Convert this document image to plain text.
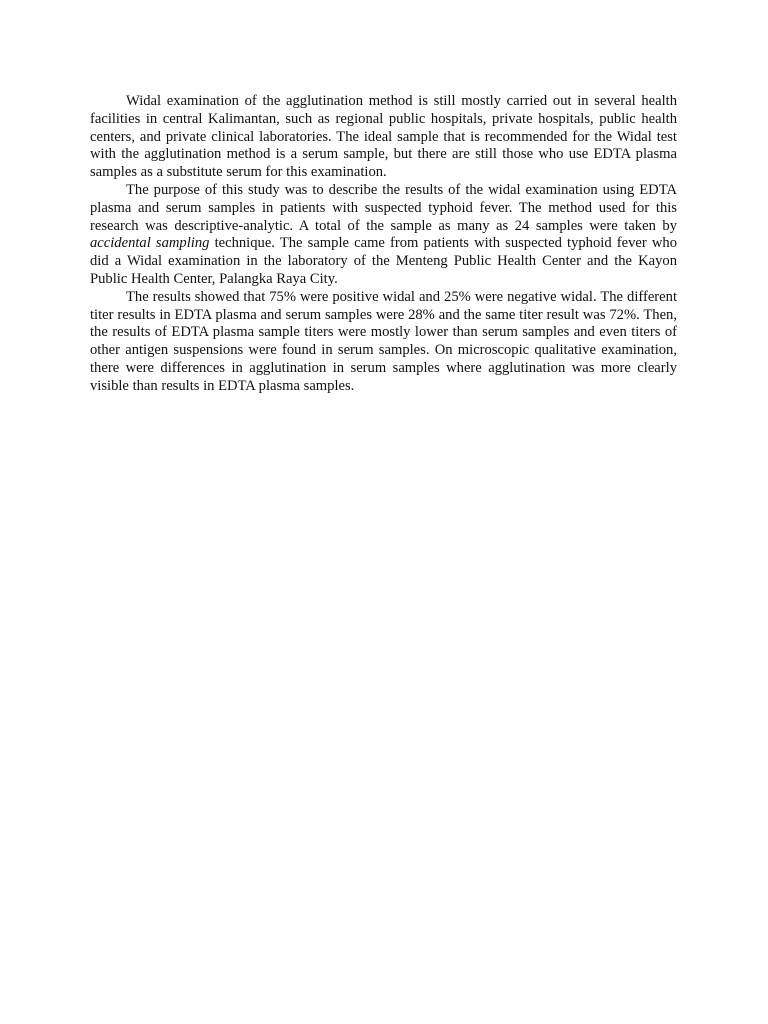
Widal examination of the agglutination method is still mostly carried out in several health facilities in central Kalimantan, such as regional public hospitals, private hospitals, public health centers, and private clinical laboratories. The ideal sample that is recommended for the Widal test with the agglutination method is a serum sample, but there are still those who use EDTA plasma samples as a substitute serum for this examination.

The purpose of this study was to describe the results of the widal examination using EDTA plasma and serum samples in patients with suspected typhoid fever. The method used for this research was descriptive-analytic. A total of the sample as many as 24 samples were taken by accidental sampling technique. The sample came from patients with suspected typhoid fever who did a Widal examination in the laboratory of the Menteng Public Health Center and the Kayon Public Health Center, Palangka Raya City.

The results showed that 75% were positive widal and 25% were negative widal. The different titer results in EDTA plasma and serum samples were 28% and the same titer result was 72%. Then, the results of EDTA plasma sample titers were mostly lower than serum samples and even titers of other antigen suspensions were found in serum samples. On microscopic qualitative examination, there were differences in agglutination in serum samples where agglutination was more clearly visible than results in EDTA plasma samples.
